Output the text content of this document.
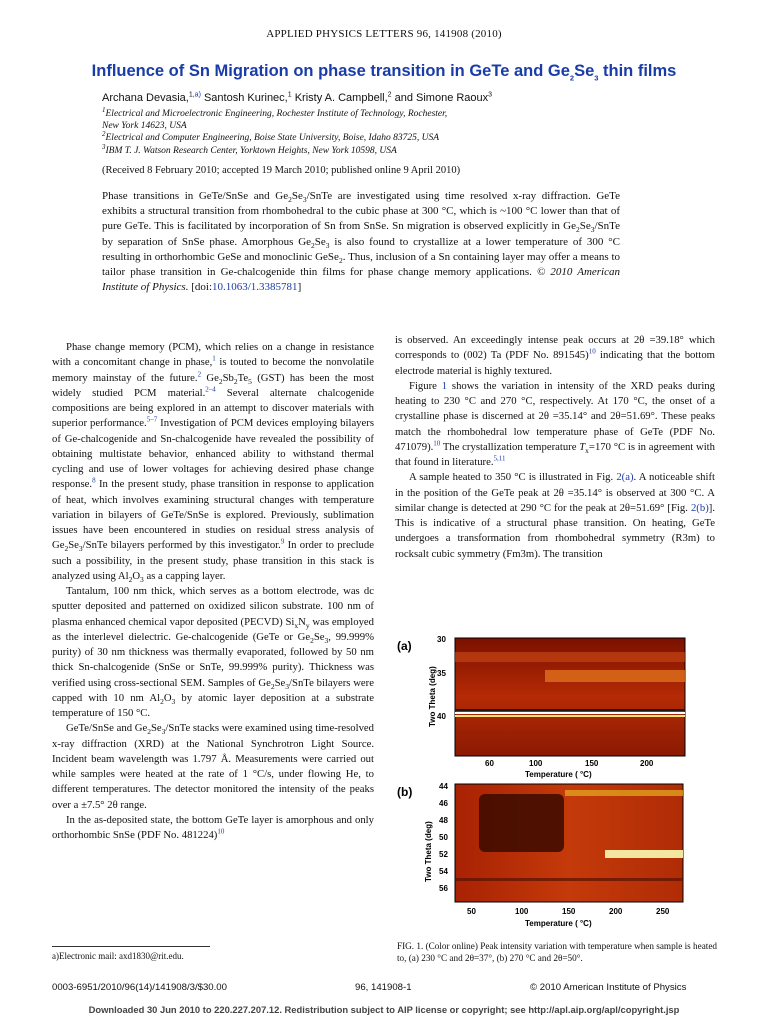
APPLIED PHYSICS LETTERS 96, 141908 (2010)
Influence of Sn Migration on phase transition in GeTe and $Ge_2Se_3$ thin films
Archana Devasia,$^{1,a)}$ Santosh Kurinec,$^1$ Kristy A. Campbell,$^2$ and Simone Raoux$^3$
$^1$Electrical and Microelectronic Engineering, Rochester Institute of Technology, Rochester,
New York 14623, USA
$^2$Electrical and Computer Engineering, Boise State University, Boise, Idaho 83725, USA
$^3$IBM T. J. Watson Research Center, Yorktown Heights, New York 10598, USA
(Received 8 February 2010; accepted 19 March 2010; published online 9 April 2010)
Phase transitions in GeTe/SnSe and $Ge_2Se_3$/SnTe are investigated using time resolved x-ray diffraction. GeTe exhibits a structural transition from rhombohedral to the cubic phase at 300 °C, which is ~100 °C lower than that of pure GeTe. This is facilitated by incorporation of Sn from SnSe. Sn migration is observed explicitly in $Ge_2Se_3$/SnTe by separation of SnSe phase. Amorphous $Ge_2Se_3$ is also found to crystallize at a lower temperature of 300 °C resulting in orthorhombic GeSe and monoclinic GeSe$_2$. Thus, inclusion of a Sn containing layer may offer a means to tailor phase transition in Ge-chalcogenide thin films for phase change memory applications. © 2010 American Institute of Physics. [doi:10.1063/1.3385781]

Phase change memory (PCM), which relies on a change in resistance with a concomitant change in phase,$^1$ is touted to become the nonvolatile memory mainstay of the future.$^2$ $Ge_2Sb_2Te_5$ (GST) has been the most widely studied PCM material.$^{2-4}$ Several alternate chalcogenide compositions are being explored in an attempt to discover materials with superior performance.$^{5-7}$ Investigation of PCM devices employing bilayers of Ge-chalcogenide and Sn-chalcogenide have revealed the possibility of obtaining multistate behavior, enhanced ability to withstand thermal cycling and use of lower voltages for achieving desired phase change response.$^8$ In the present study, phase transition in response to application of heat, which involves examining structural changes with temperature variation in bilayers of GeTe/SnSe is explored. Previously, sublimation issues have been encountered in studies on residual stress analysis of $Ge_2Se_3$/SnTe bilayers performed by this investigator.$^9$ In order to preclude such a possibility, in the present study, phase transition in this stack is analyzed using $Al_2O_3$ as a capping layer.

Tantalum, 100 nm thick, which serves as a bottom electrode, was dc sputter deposited and patterned on oxidized silicon substrate. 100 nm of plasma enhanced chemical vapor deposited (PECVD) $Si_xN_y$ was employed as the interlevel dielectric. Ge-chalcogenide (GeTe or $Ge_2Se_3$, 99.999% purity) of 30 nm thickness was thermally evaporated, followed by 50 nm thick Sn-chalcogenide (SnSe or SnTe, 99.999% purity). Thickness was verified using cross-sectional SEM. Samples of $Ge_2Se_3$/SnTe bilayers were capped with 10 nm $Al_2O_3$ by atomic layer deposition at a substrate temperature of 150 °C.

GeTe/SnSe and $Ge_2Se_3$/SnTe stacks were examined using time-resolved x-ray diffraction (XRD) at the National Synchrotron Light Source. Incident beam wavelength was 1.797 Å. Measurements were carried out while samples were heated at the rate of 1 °C/s, under flowing He, to different temperatures. The detector monitored the intensity of the peaks over a ±7.5° 2θ range.

In the as-deposited state, the bottom GeTe layer is amorphous and only orthorhombic SnSe (PDF No. 481224)$^{10}$

is observed. An exceedingly intense peak occurs at 2θ =39.18° which corresponds to (002) Ta (PDF No. 891545)$^{10}$ indicating that the bottom electrode material is highly textured.

Figure 1 shows the variation in intensity of the XRD peaks during heating to 230 °C and 270 °C, respectively. At 170 °C, the onset of a crystalline phase is discerned at 2θ =35.14° and 2θ=51.69°. These peaks match the rhombohedral low temperature phase of GeTe (PDF No. 471079).$^{10}$ The crystallization temperature $T_x=170$ °C is in agreement with that found in literature.$^{5,11}$

A sample heated to 350 °C is illustrated in Fig. 2(a). A noticeable shift in the position of the GeTe peak at 2θ =35.14° is observed at 300 °C. A similar change is detected at 290 °C for the peak at 2θ=51.69° [Fig. 2(b)]. This is indicative of a structural phase transition. On heating, GeTe undergoes a transformation from rhombohedral symmetry (R3m) to rocksalt cubic symmetry (Fm3m). The transition

(a)
Two Theta (deg)
30
35
40
60	100	150	200
Temperature ( °C)
(b)
Two Theta (deg)
44
46
48
50
52
54
56
50	100	150	200	250
Temperature ( °C)
FIG. 1. (Color online) Peak intensity variation with temperature when sample is heated to, (a) 230 °C and 2θ=37°, (b) 270 °C and 2θ=50°.
a)Electronic mail: axd1830@rit.edu.
0003-6951/2010/96(14)/141908/3/$30.00	96, 141908-1	© 2010 American Institute of Physics
Downloaded 30 Jun 2010 to 220.227.207.12. Redistribution subject to AIP license or copyright; see http://apl.aip.org/apl/copyright.jsp
